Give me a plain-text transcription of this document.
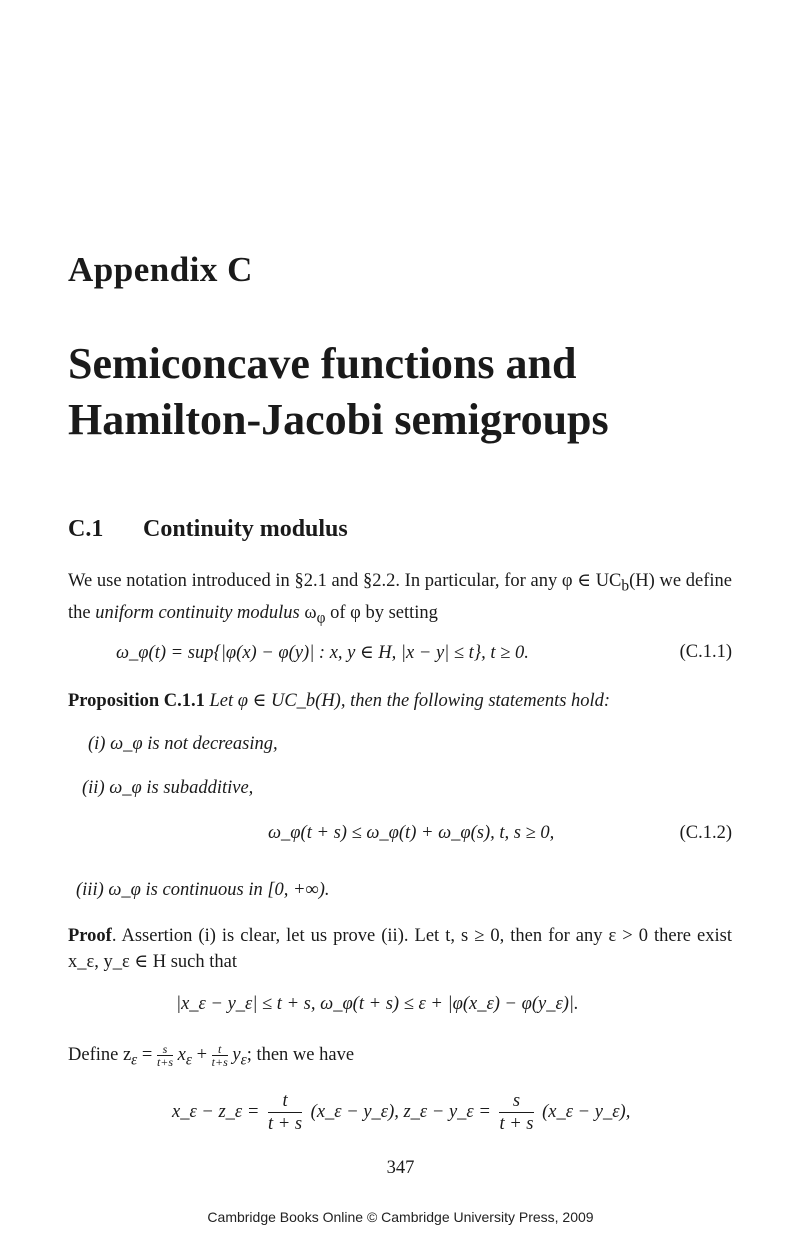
Appendix C
Semiconcave functions and
Hamilton-Jacobi semigroups
C.1 Continuity modulus
We use notation introduced in §2.1 and §2.2. In particular, for any φ ∈ $UC_b(H)$ we define the uniform continuity modulus $\omega_\varphi$ of φ by setting
ω_φ(t) = sup{|φ(x) − φ(y)| : x, y ∈ H, |x − y| ≤ t}, t ≥ 0.	(C.1.1)
Proposition C.1.1 Let φ ∈ UC_b(H), then the following statements hold:
(i) ω_φ is not decreasing,
(ii) ω_φ is subadditive,
ω_φ(t + s) ≤ ω_φ(t) + ω_φ(s), t, s ≥ 0,	(C.1.2)
(iii) ω_φ is continuous in [0, +∞).
Proof. Assertion (i) is clear, let us prove (ii). Let t, s ≥ 0, then for any ε > 0 there exist x_ε, y_ε ∈ H such that
|x_ε − y_ε| ≤ t + s, ω_φ(t + s) ≤ ε + |φ(x_ε) − φ(y_ε)|.
Define $z_\varepsilon = \frac{s}{t+s} x_\varepsilon + \frac{t}{t+s} y_\varepsilon$; then we have
x_ε − z_ε = $\frac{t}{t + s}$ (x_ε − y_ε), z_ε − y_ε = $\frac{s}{t + s}$ (x_ε − y_ε),
347
Cambridge Books Online © Cambridge University Press, 2009
